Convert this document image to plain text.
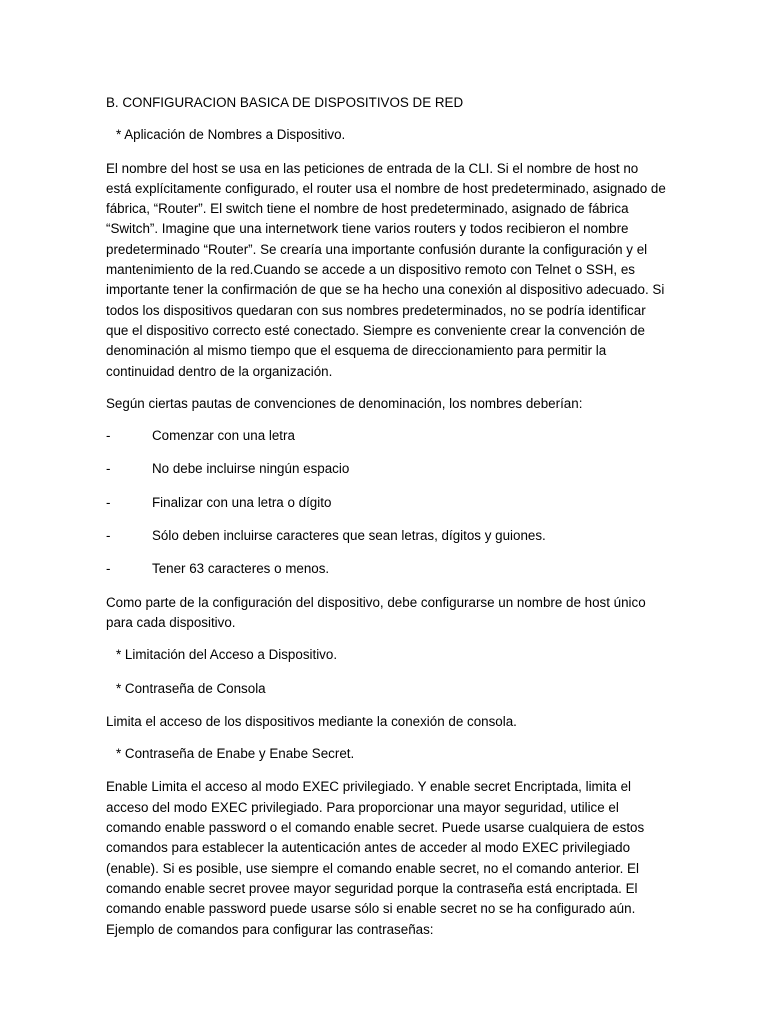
B. CONFIGURACION BASICA DE DISPOSITIVOS DE RED

* Aplicación de Nombres a Dispositivo.

El nombre del host se usa en las peticiones de entrada de la CLI. Si el nombre de host no está explícitamente configurado, el router usa el nombre de host predeterminado, asignado de fábrica, “Router”. El switch tiene el nombre de host predeterminado, asignado de fábrica “Switch”. Imagine que una internetwork tiene varios routers y todos recibieron el nombre predeterminado “Router”. Se crearía una importante confusión durante la configuración y el mantenimiento de la red.Cuando se accede a un dispositivo remoto con Telnet o SSH, es importante tener la confirmación de que se ha hecho una conexión al dispositivo adecuado. Si todos los dispositivos quedaran con sus nombres predeterminados, no se podría identificar que el dispositivo correcto esté conectado. Siempre es conveniente crear la convención de denominación al mismo tiempo que el esquema de direccionamiento para permitir la continuidad dentro de la organización.

Según ciertas pautas de convenciones de denominación, los nombres deberían:

-	Comenzar con una letra
-	No debe incluirse ningún espacio
-	Finalizar con una letra o dígito
-	Sólo deben incluirse caracteres que sean letras, dígitos y guiones.
-	Tener 63 caracteres o menos.

Como parte de la configuración del dispositivo, debe configurarse un nombre de host único para cada dispositivo.

* Limitación del Acceso a Dispositivo.

* Contraseña de Consola

Limita el acceso de los dispositivos mediante la conexión de consola.

* Contraseña de Enabe y Enabe Secret.

Enable Limita el acceso al modo EXEC privilegiado. Y enable secret Encriptada, limita el acceso del modo EXEC privilegiado. Para proporcionar una mayor seguridad, utilice el comando enable password o el comando enable secret. Puede usarse cualquiera de estos comandos para establecer la autenticación antes de acceder al modo EXEC privilegiado (enable). Si es posible, use siempre el comando enable secret, no el comando anterior. El comando enable secret provee mayor seguridad porque la contraseña está encriptada. El comando enable password puede usarse sólo si enable secret no se ha configurado aún. Ejemplo de comandos para configurar las contraseñas:
